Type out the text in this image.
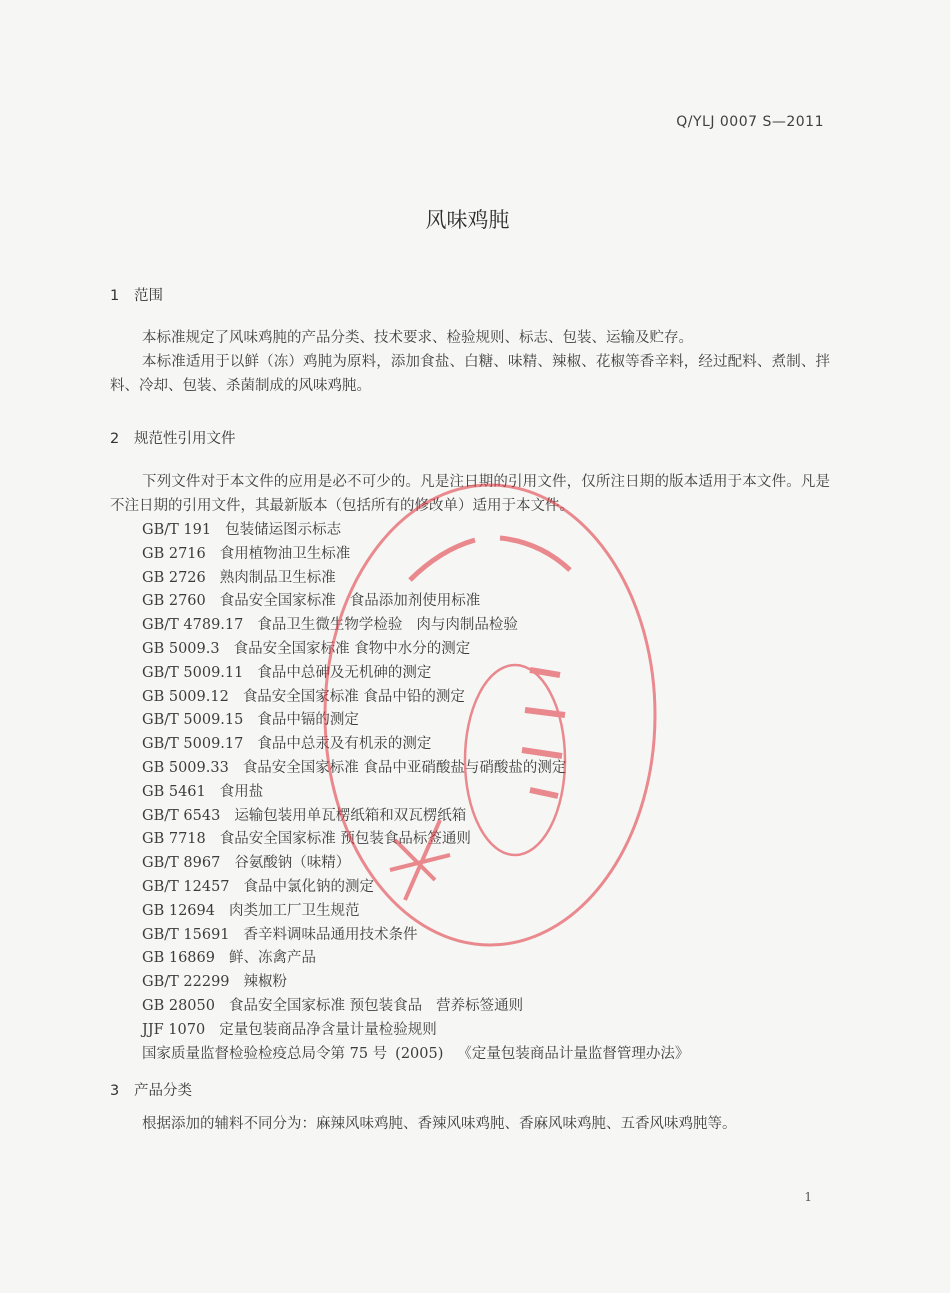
Q/YLJ 0007 S—2011
风味鸡肫
1 范围
本标准规定了风味鸡肫的产品分类、技术要求、检验规则、标志、包装、运输及贮存。
本标准适用于以鲜（冻）鸡肫为原料，添加食盐、白糖、味精、辣椒、花椒等香辛料，经过配料、煮制、拌料、冷却、包装、杀菌制成的风味鸡肫。
2 规范性引用文件
下列文件对于本文件的应用是必不可少的。凡是注日期的引用文件，仅所注日期的版本适用于本文件。凡是不注日期的引用文件，其最新版本（包括所有的修改单）适用于本文件。
GB/T 191 包装储运图示标志
GB 2716 食用植物油卫生标准
GB 2726 熟肉制品卫生标准
GB 2760 食品安全国家标准 食品添加剂使用标准
GB/T 4789.17 食品卫生微生物学检验 肉与肉制品检验
GB 5009.3 食品安全国家标准 食物中水分的测定
GB/T 5009.11 食品中总砷及无机砷的测定
GB 5009.12 食品安全国家标准 食品中铅的测定
GB/T 5009.15 食品中镉的测定
GB/T 5009.17 食品中总汞及有机汞的测定
GB 5009.33 食品安全国家标准 食品中亚硝酸盐与硝酸盐的测定
GB 5461 食用盐
GB/T 6543 运输包装用单瓦楞纸箱和双瓦楞纸箱
GB 7718 食品安全国家标准 预包装食品标签通则
GB/T 8967 谷氨酸钠（味精）
GB/T 12457 食品中氯化钠的测定
GB 12694 肉类加工厂卫生规范
GB/T 15691 香辛料调味品通用技术条件
GB 16869 鲜、冻禽产品
GB/T 22299 辣椒粉
GB 28050 食品安全国家标准 预包装食品 营养标签通则
JJF 1070 定量包装商品净含量计量检验规则
国家质量监督检验检疫总局令第 75 号 (2005) 《定量包装商品计量监督管理办法》
3 产品分类
根据添加的辅料不同分为：麻辣风味鸡肫、香辣风味鸡肫、香麻风味鸡肫、五香风味鸡肫等。
1
